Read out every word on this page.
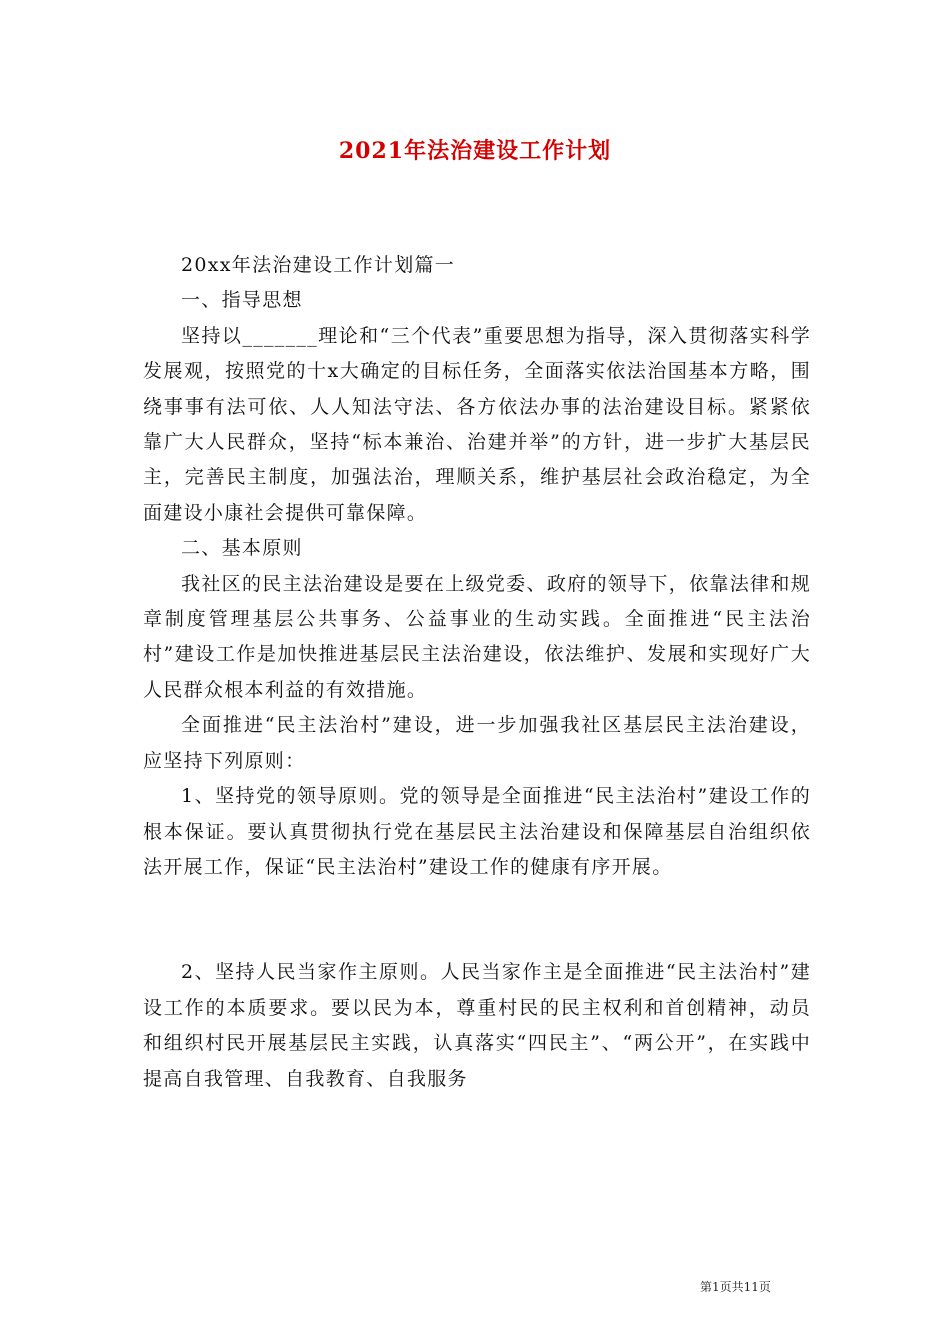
2021年法治建设工作计划

20xx年法治建设工作计划篇一

一、指导思想

坚持以_______理论和“三个代表”重要思想为指导，深入贯彻落实科学发展观，按照党的十x大确定的目标任务，全面落实依法治国基本方略，围绕事事有法可依、人人知法守法、各方依法办事的法治建设目标。紧紧依靠广大人民群众，坚持“标本兼治、治建并举”的方针，进一步扩大基层民主，完善民主制度，加强法治，理顺关系，维护基层社会政治稳定，为全面建设小康社会提供可靠保障。

二、基本原则

我社区的民主法治建设是要在上级党委、政府的领导下，依靠法律和规章制度管理基层公共事务、公益事业的生动实践。全面推进“民主法治村”建设工作是加快推进基层民主法治建设，依法维护、发展和实现好广大人民群众根本利益的有效措施。

全面推进“民主法治村”建设，进一步加强我社区基层民主法治建设，应坚持下列原则：

1、坚持党的领导原则。党的领导是全面推进“民主法治村”建设工作的根本保证。要认真贯彻执行党在基层民主法治建设和保障基层自治组织依法开展工作，保证“民主法治村”建设工作的健康有序开展。

2、坚持人民当家作主原则。人民当家作主是全面推进“民主法治村”建设工作的本质要求。要以民为本，尊重村民的民主权利和首创精神，动员和组织村民开展基层民主实践，认真落实“四民主”、“两公开”，在实践中提高自我管理、自我教育、自我服务

第1页共11页
